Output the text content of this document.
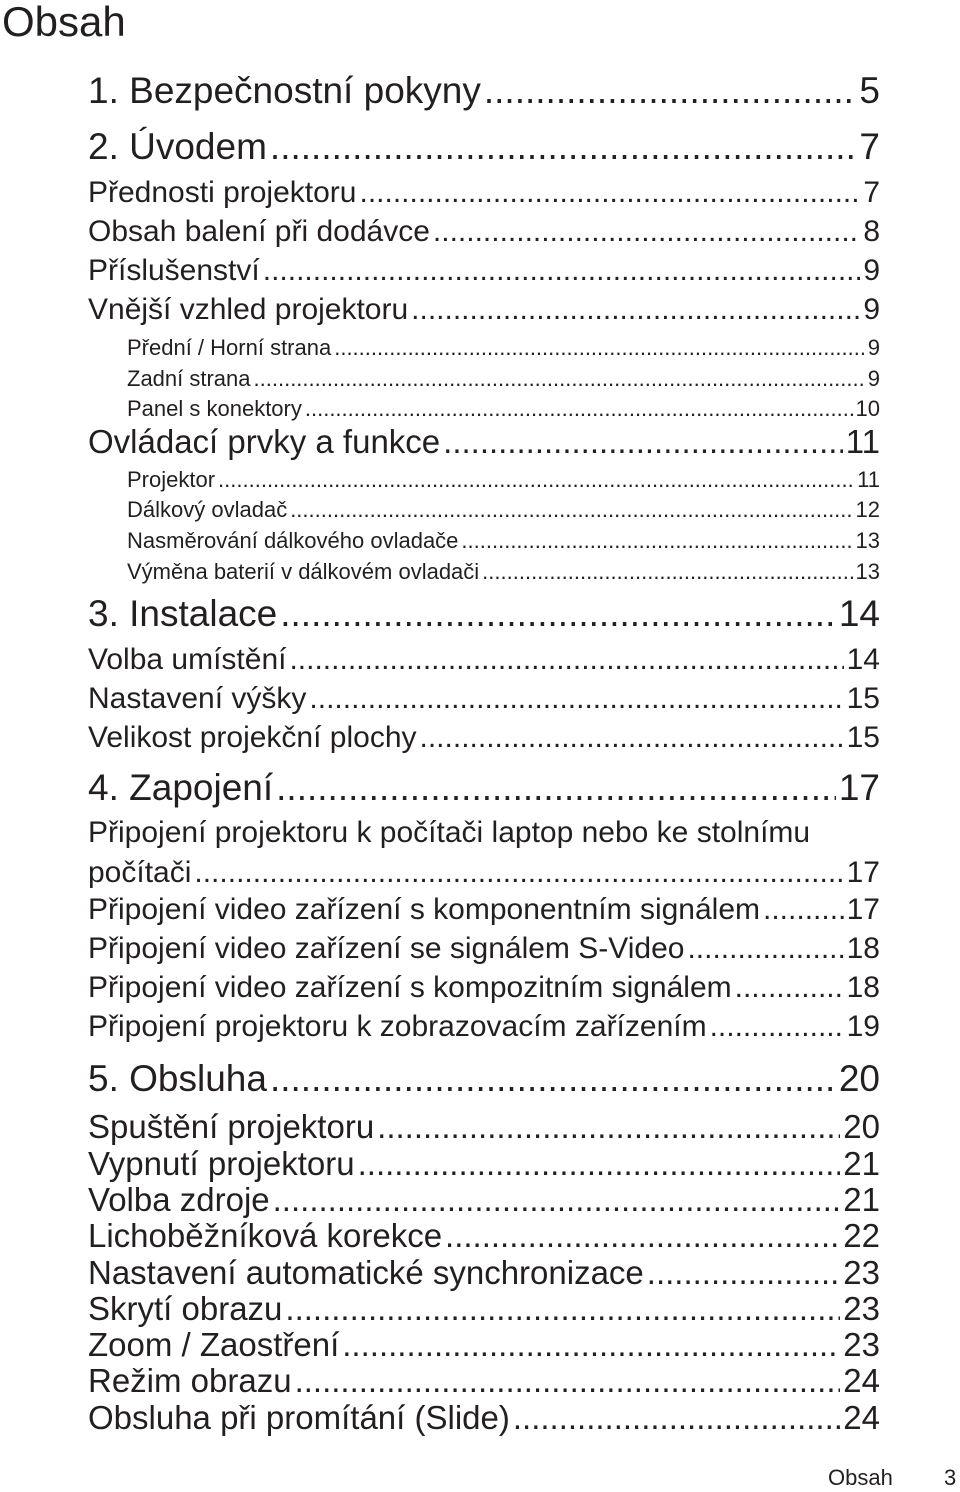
Obsah
1. Bezpečnostní pokyny .....	5
2. Úvodem .....	7
Přednosti projektoru .....	7
Obsah balení při dodávce .....	8
Příslušenství .....	9
Vnější vzhled projektoru .....	9
Přední / Horní strana .....	9
Zadní strana .....	9
Panel s konektory .....	10
Ovládací prvky a funkce .....	11
Projektor .....	11
Dálkový ovladač .....	12
Nasměrování dálkového ovladače .....	13
Výměna baterií v dálkovém ovladači .....	13
3. Instalace .....	14
Volba umístění .....	14
Nastavení výšky .....	15
Velikost projekční plochy .....	15
4. Zapojení .....	17
Připojení projektoru k počítači laptop nebo ke stolnímu
počítači .....	17
Připojení video zařízení s komponentním signálem .....	17
Připojení video zařízení se signálem S-Video .....	18
Připojení video zařízení s kompozitním signálem .....	18
Připojení projektoru k zobrazovacím zařízením .....	19
5. Obsluha .....	20
Spuštění projektoru .....	20
Vypnutí projektoru .....	21
Volba zdroje .....	21
Lichoběžníková korekce .....	22
Nastavení automatické synchronizace .....	23
Skrytí obrazu .....	23
Zoom / Zaostření .....	23
Režim obrazu .....	24
Obsluha při promítání (Slide) .....	24
Obsah 3
